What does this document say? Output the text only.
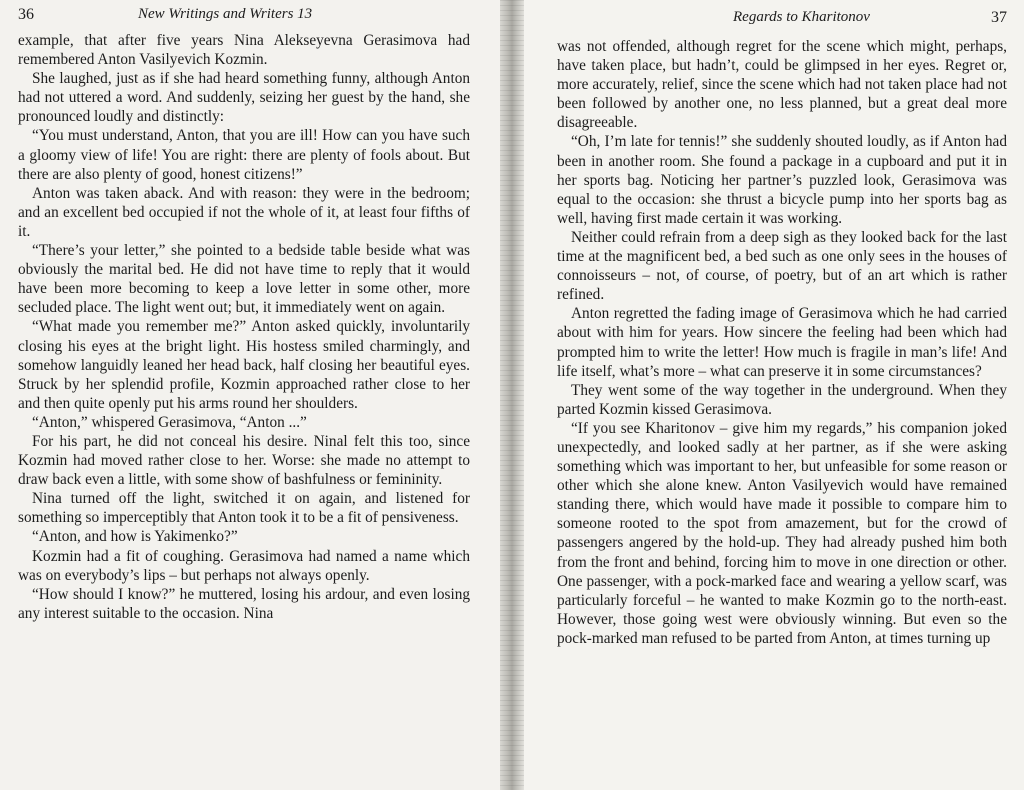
36	New Writings and Writers 13

example, that after five years Nina Alekseyevna Gerasimova had remembered Anton Vasilyevich Kozmin.

She laughed, just as if she had heard something funny, although Anton had not uttered a word. And suddenly, seizing her guest by the hand, she pronounced loudly and distinctly:

“You must understand, Anton, that you are ill! How can you have such a gloomy view of life! You are right: there are plenty of fools about. But there are also plenty of good, honest citizens!”

Anton was taken aback. And with reason: they were in the bedroom; and an excellent bed occupied if not the whole of it, at least four fifths of it.

“There’s your letter,” she pointed to a bedside table beside what was obviously the marital bed. He did not have time to reply that it would have been more becoming to keep a love letter in some other, more secluded place. The light went out; but, it immediately went on again.

“What made you remember me?” Anton asked quickly, involuntarily closing his eyes at the bright light. His hostess smiled charmingly, and somehow languidly leaned her head back, half closing her beautiful eyes. Struck by her splendid profile, Kozmin approached rather close to her and then quite openly put his arms round her shoulders.

“Anton,” whispered Gerasimova, “Anton ...”

For his part, he did not conceal his desire. Ninal felt this too, since Kozmin had moved rather close to her. Worse: she made no attempt to draw back even a little, with some show of bashfulness or femininity.

Nina turned off the light, switched it on again, and listened for something so imperceptibly that Anton took it to be a fit of pensiveness.

“Anton, and how is Yakimenko?”

Kozmin had a fit of coughing. Gerasimova had named a name which was on everybody’s lips – but perhaps not always openly.

“How should I know?” he muttered, losing his ardour, and even losing any interest suitable to the occasion. Nina

Regards to Kharitonov	37

was not offended, although regret for the scene which might, perhaps, have taken place, but hadn’t, could be glimpsed in her eyes. Regret or, more accurately, relief, since the scene which had not taken place had not been followed by another one, no less planned, but a great deal more disagreeable.

“Oh, I’m late for tennis!” she suddenly shouted loudly, as if Anton had been in another room. She found a package in a cupboard and put it in her sports bag. Noticing her partner’s puzzled look, Gerasimova was equal to the occasion: she thrust a bicycle pump into her sports bag as well, having first made certain it was working.

Neither could refrain from a deep sigh as they looked back for the last time at the magnificent bed, a bed such as one only sees in the houses of connoisseurs – not, of course, of poetry, but of an art which is rather refined.

Anton regretted the fading image of Gerasimova which he had carried about with him for years. How sincere the feeling had been which had prompted him to write the letter! How much is fragile in man’s life! And life itself, what’s more – what can preserve it in some circumstances?

They went some of the way together in the underground. When they parted Kozmin kissed Gerasimova.

“If you see Kharitonov – give him my regards,” his companion joked unexpectedly, and looked sadly at her partner, as if she were asking something which was important to her, but unfeasible for some reason or other which she alone knew. Anton Vasilyevich would have remained standing there, which would have made it possible to compare him to someone rooted to the spot from amazement, but for the crowd of passengers angered by the hold-up. They had already pushed him both from the front and behind, forcing him to move in one direction or other. One passenger, with a pock-marked face and wearing a yellow scarf, was particularly forceful – he wanted to make Kozmin go to the north-east. However, those going west were obviously winning. But even so the pock-marked man refused to be parted from Anton, at times turning up
